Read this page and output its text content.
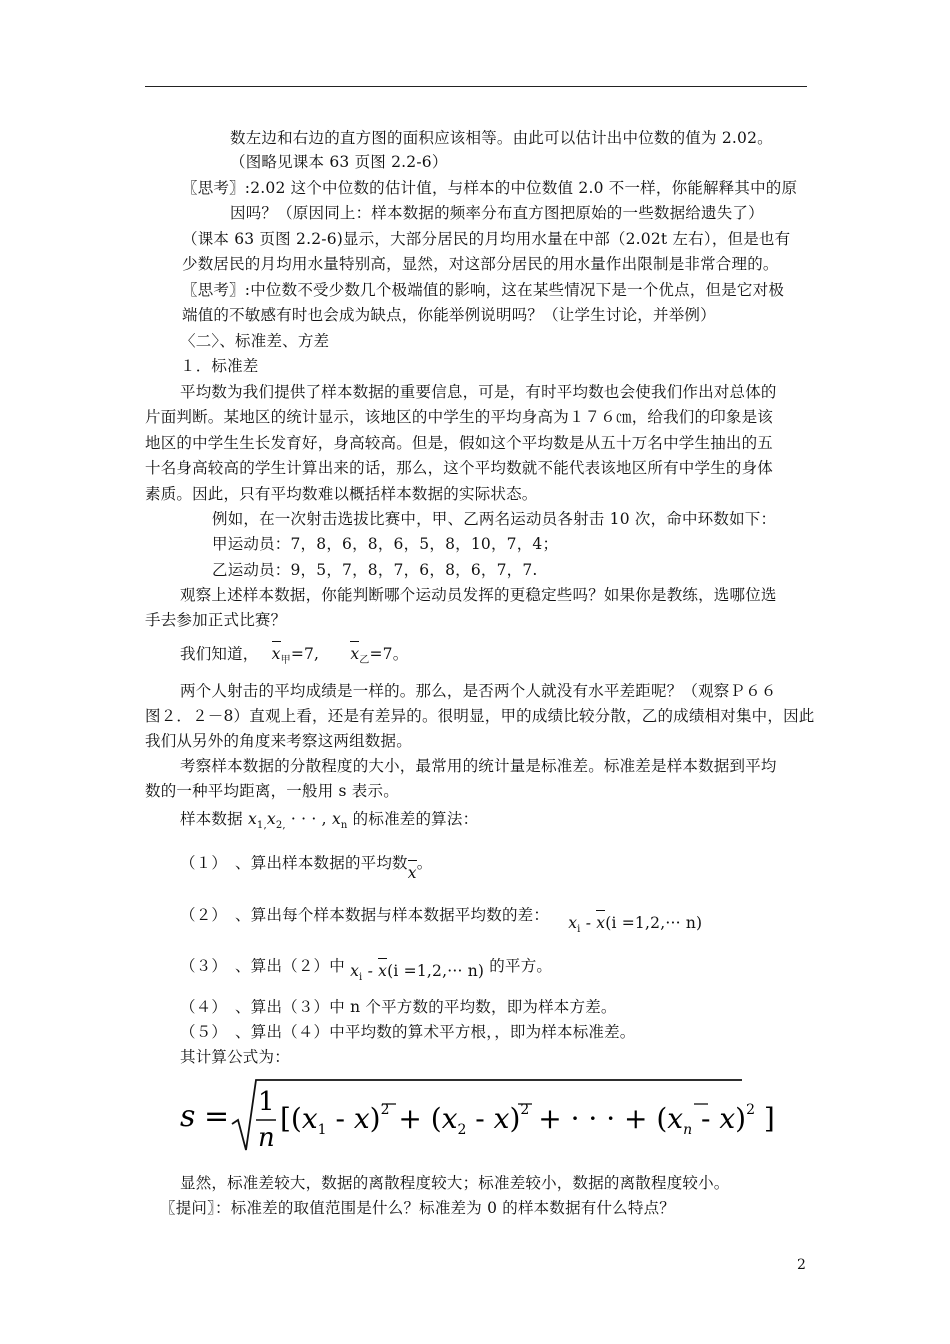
数左边和右边的直方图的面积应该相等。由此可以估计出中位数的值为 2.02。
（图略见课本 63 页图 2.2-6）
〖思考〗:2.02 这个中位数的估计值，与样本的中位数值 2.0 不一样，你能解释其中的原
因吗？（原因同上：样本数据的频率分布直方图把原始的一些数据给遗失了）
（课本 63 页图 2.2-6)显示，大部分居民的月均用水量在中部（2.02t 左右），但是也有
少数居民的月均用水量特别高，显然，对这部分居民的用水量作出限制是非常合理的。
〖思考〗:中位数不受少数几个极端值的影响，这在某些情况下是一个优点，但是它对极
端值的不敏感有时也会成为缺点，你能举例说明吗？（让学生讨论，并举例）
〈二〉、标准差、方差
１．标准差
平均数为我们提供了样本数据的重要信息，可是，有时平均数也会使我们作出对总体的
片面判断。某地区的统计显示，该地区的中学生的平均身高为１７６㎝，给我们的印象是该
地区的中学生生长发育好，身高较高。但是，假如这个平均数是从五十万名中学生抽出的五
十名身高较高的学生计算出来的话，那么，这个平均数就不能代表该地区所有中学生的身体
素质。因此，只有平均数难以概括样本数据的实际状态。
例如，在一次射击选拔比赛中，甲、乙两名运动员各射击 10 次，命中环数如下：
甲运动员：7，8，6，8，6，5，8，10，7，4；
乙运动员：9，5，7，8，7，6，8，6，7，7.
观察上述样本数据，你能判断哪个运动员发挥的更稳定些吗？如果你是教练，选哪位选
手去参加正式比赛？
我们知道， $x_甲=7$, $x_乙=7$。
两个人射击的平均成绩是一样的。那么，是否两个人就没有水平差距呢？（观察Ｐ６６
图２．２－8）直观上看，还是有差异的。很明显，甲的成绩比较分散，乙的成绩相对集中，因此
我们从另外的角度来考察这两组数据。
考察样本数据的分散程度的大小，最常用的统计量是标准差。标准差是样本数据到平均
数的一种平均距离，一般用 s 表示。
样本数据 $x_{1,}x_{2,}$ · · · , $x_n$ 的标准差的算法：
（１）　、算出样本数据的平均数x。
（２）　、算出每个样本数据与样本数据平均数的差： $x_i - x(i =1,2,\cdot\cdot\cdot n)$
（３）　、算出（２）中 $x_i - x(i =1,2,\cdot\cdot\cdot n)$ 的平方。
（４）　、算出（３）中 n 个平方数的平均数，即为样本方差。
（５）　、算出（４）中平均数的算术平方根，，即为样本标准差。
其计算公式为：
s = 1
n
[$(x_1 - x)^2 + (x_2 - x)^2$ + · · · + $(x_n - x)^2$ ]
显然，标准差较大，数据的离散程度较大；标准差较小，数据的离散程度较小。
〖提问〗：标准差的取值范围是什么？标准差为 0 的样本数据有什么特点？
2
